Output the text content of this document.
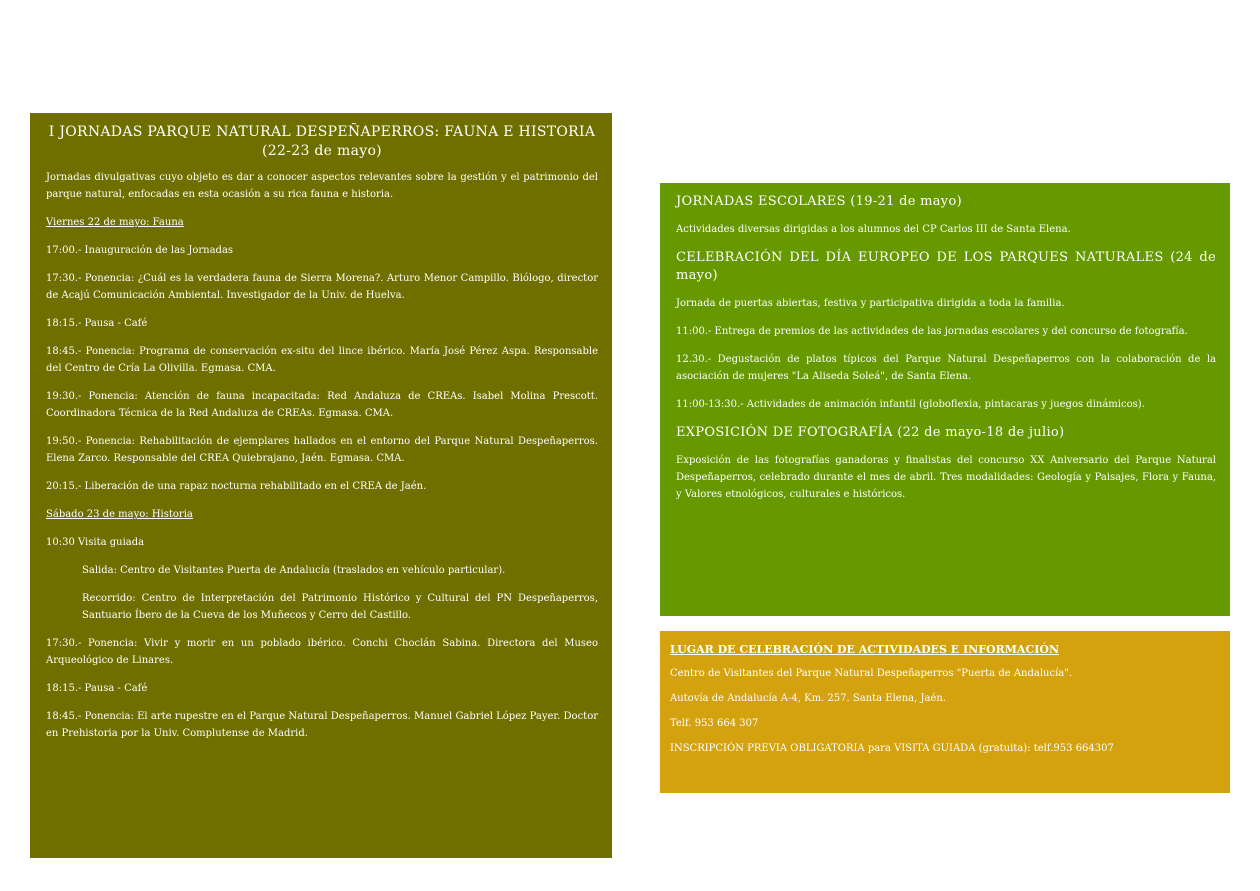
I JORNADAS PARQUE NATURAL DESPEÑAPERROS: FAUNA E HISTORIA (22-23 de mayo)

Jornadas divulgativas cuyo objeto es dar a conocer aspectos relevantes sobre la gestión y el patrimonio del parque natural, enfocadas en esta ocasión a su rica fauna e historia.

Viernes 22 de mayo: Fauna

17:00.- Inauguración de las Jornadas

17:30.- Ponencia: ¿Cuál es la verdadera fauna de Sierra Morena?. Arturo Menor Campillo. Biólogo, director de Acajú Comunicación Ambiental. Investigador de la Univ. de Huelva.

18:15.- Pausa - Café

18:45.- Ponencia: Programa de conservación ex-situ del lince ibérico. María José Pérez Aspa. Responsable del Centro de Cría La Olivilla. Egmasa. CMA.

19:30.- Ponencia: Atención de fauna incapacitada: Red Andaluza de CREAs. Isabel Molina Prescott. Coordinadora Técnica de la Red Andaluza de CREAs. Egmasa. CMA.

19:50.- Ponencia: Rehabilitación de ejemplares hallados en el entorno del Parque Natural Despeñaperros. Elena Zarco. Responsable del CREA Quiebrajano, Jaén. Egmasa. CMA.

20:15.- Liberación de una rapaz nocturna rehabilitado en el CREA de Jaén.

Sábado 23 de mayo: Historia

10:30 Visita guiada

Salida: Centro de Visitantes Puerta de Andalucía (traslados en vehículo particular).

Recorrido: Centro de Interpretación del Patrimonio Histórico y Cultural del PN Despeñaperros, Santuario Íbero de la Cueva de los Muñecos y Cerro del Castillo.

17:30.- Ponencia: Vivir y morir en un poblado ibérico. Conchi Choclán Sabina. Directora del Museo Arqueológico de Linares.

18:15.- Pausa - Café

18:45.- Ponencia: El arte rupestre en el Parque Natural Despeñaperros. Manuel Gabriel López Payer. Doctor en Prehistoria por la Univ. Complutense de Madrid.

JORNADAS ESCOLARES (19-21 de mayo)

Actividades diversas dirigidas a los alumnos del CP Carlos III de Santa Elena.

CELEBRACIÓN DEL DÍA EUROPEO DE LOS PARQUES NATURALES (24 de mayo)

Jornada de puertas abiertas, festiva y participativa dirigida a toda la familia.

11:00.- Entrega de premios de las actividades de las jornadas escolares y del concurso de fotografía.

12.30.- Degustación de platos típicos del Parque Natural Despeñaperros con la colaboración de la asociación de mujeres "La Aliseda Soleá", de Santa Elena.

11:00-13:30.- Actividades de animación infantil (globoflexia, pintacaras y juegos dinámicos).

EXPOSICIÓN DE FOTOGRAFÍA (22 de mayo-18 de julio)

Exposición de las fotografías ganadoras y finalistas del concurso XX Aniversario del Parque Natural Despeñaperros, celebrado durante el mes de abril. Tres modalidades: Geología y Paisajes, Flora y Fauna, y Valores etnológicos, culturales e históricos.

LUGAR DE CELEBRACIÓN DE ACTIVIDADES E INFORMACIÓN

Centro de Visitantes del Parque Natural Despeñaperros "Puerta de Andalucía".

Autovía de Andalucía A-4, Km. 257. Santa Elena, Jaén.

Telf. 953 664 307

INSCRIPCIÓN PREVIA OBLIGATORIA para VISITA GUIADA (gratuita): telf.953 664307
